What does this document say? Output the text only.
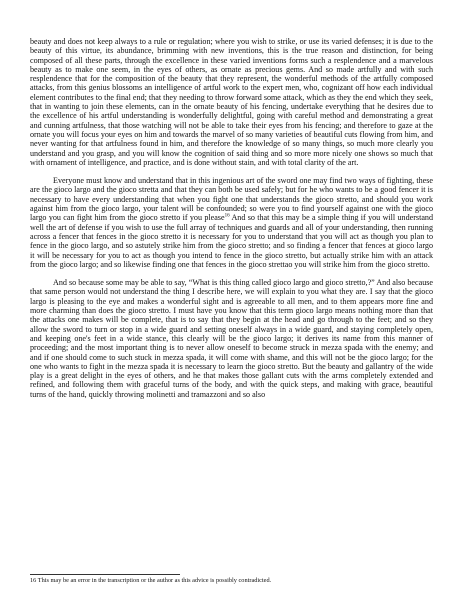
beauty and does not keep always to a rule or regulation; where you wish to strike, or use its varied defenses; it is due to the beauty of this virtue, its abundance, brimming with new inventions, this is the true reason and distinction, for being composed of all these parts, through the excellence in these varied inventions forms such a resplendence and a marvelous beauty as to make one seem, in the eyes of others, as ornate as precious gems. And so made artfully and with such resplendence that for the composition of the beauty that they represent, the wonderful methods of the artfully composed attacks, from this genius blossoms an intelligence of artful work to the expert men, who, cognizant off how each individual element contributes to the final end; that they needing to throw forward some attack, which as they the end which they seek, that in wanting to join these elements, can in the ornate beauty of his fencing, undertake everything that he desires due to the excellence of his artful understanding is wonderfully delightful, going with careful method and demonstrating a great and cunning artfulness, that those watching will not be able to take their eyes from his fencing; and therefore to gaze at the ornate you will focus your eyes on him and towards the marvel of so many varieties of beautiful cuts flowing from him, and never wanting for that artfulness found in him, and therefore the knowledge of so many things, so much more clearly you understand and you grasp, and you will know the cognition of said thing and so more more nicely one shows so much that with ornament of intelligence, and practice, and is done without stain, and with total clarity of the art.

Everyone must know and understand that in this ingenious art of the sword one may find two ways of fighting, these are the gioco largo and the gioco stretta and that they can both be used safely; but for he who wants to be a good fencer it is necessary to have every understanding that when you fight one that understands the gioco stretto, and should you work against him from the gioco largo, your talent will be confounded; so were you to find yourself against one with the gioco largo you can fight him from the gioco stretto if you please$^{16}$ And so that this may be a simple thing if you will understand well the art of defense if you wish to use the full array of techniques and guards and all of your understanding, then running across a fencer that fences in the gioco stretto it is necessary for you to understand that you will act as though you plan to fence in the gioco largo, and so astutely strike him from the gioco stretto; and so finding a fencer that fences at gioco largo it will be necessary for you to act as though you intend to fence in the gioco stretto, but actually strike him with an attack from the gioco largo; and so likewise finding one that fences in the gioco strettao you will strike him from the gioco stretto.

And so because some may be able to say, “What is this thing called gioco largo and gioco stretto,?” And also because that same person would not understand the thing I describe here, we will explain to you what they are. I say that the gioco largo is pleasing to the eye and makes a wonderful sight and is agreeable to all men, and to them appears more fine and more charming than does the gioco stretto. I must have you know that this term gioco largo means nothing more than that the attacks one makes will be complete, that is to say that they begin at the head and go through to the feet; and so they allow the sword to turn or stop in a wide guard and setting oneself always in a wide guard, and staying completely open, and keeping one's feet in a wide stance, this clearly will be the gioco largo; it derives its name from this manner of proceeding; and the most important thing is to never allow oneself to become struck in mezza spada with the enemy; and and if one should come to such stuck in mezza spada, it will come with shame, and this will not be the gioco largo; for the one who wants to fight in the mezza spada it is necessary to learn the gioco stretto. But the beauty and gallantry of the wide play is a great delight in the eyes of others, and he that makes those gallant cuts with the arms completely extended and refined, and following them with graceful turns of the body, and with the quick steps, and making with grace, beautiful turns of the hand, quickly throwing molinetti and tramazzoni and so also

16 This may be an error in the transcription or the author as this advice is possibly contradicted.
